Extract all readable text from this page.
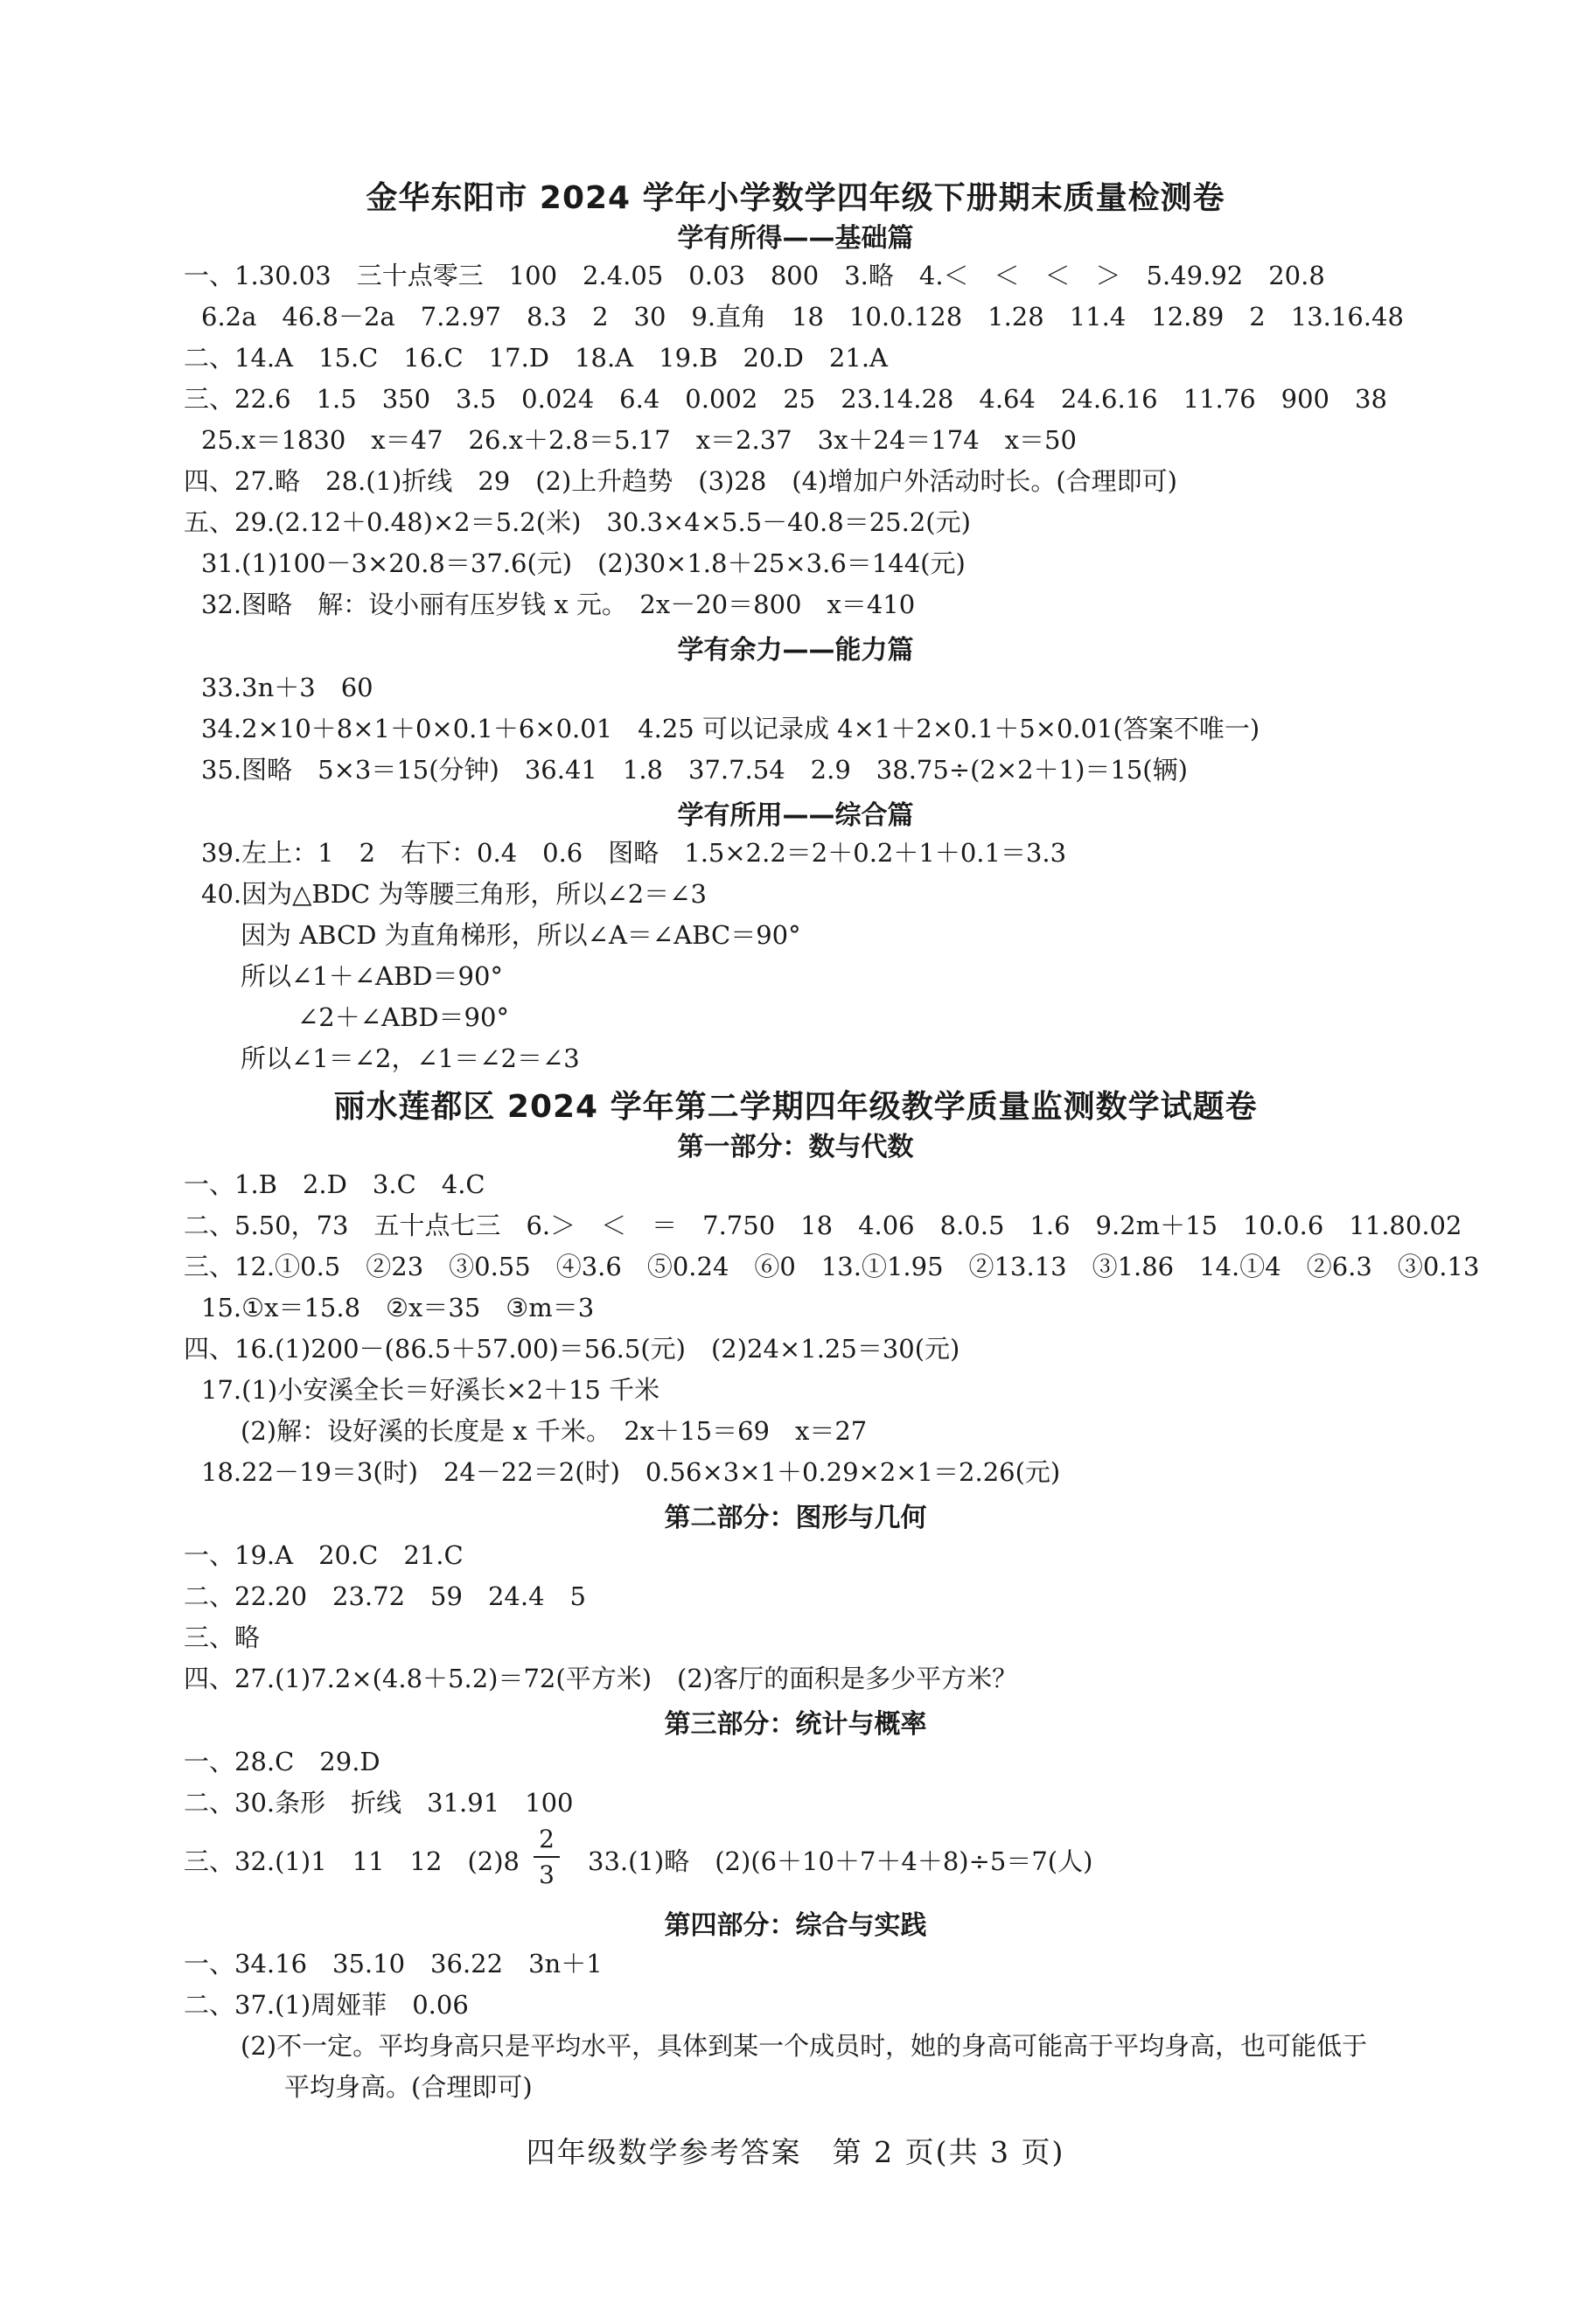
金华东阳市 2024 学年小学数学四年级下册期末质量检测卷
学有所得——基础篇
一、1.30.03　三十点零三　100　2.4.05　0.03　800　3.略　4.＜　＜　＜　＞　5.49.92　20.8
6.2a　46.8－2a　7.2.97　8.3　2　30　9.直角　18　10.0.128　1.28　11.4　12.89　2　13.16.48
二、14.A　15.C　16.C　17.D　18.A　19.B　20.D　21.A
三、22.6　1.5　350　3.5　0.024　6.4　0.002　25　23.14.28　4.64　24.6.16　11.76　900　38
25.x＝1830　x＝47　26.x＋2.8＝5.17　x＝2.37　3x＋24＝174　x＝50
四、27.略　28.(1)折线　29　(2)上升趋势　(3)28　(4)增加户外活动时长。(合理即可)
五、29.(2.12＋0.48)×2＝5.2(米)　30.3×4×5.5－40.8＝25.2(元)
31.(1)100－3×20.8＝37.6(元)　(2)30×1.8＋25×3.6＝144(元)
32.图略　解：设小丽有压岁钱 x 元。　2x－20＝800　x＝410
学有余力——能力篇
33.3n＋3　60
34.2×10＋8×1＋0×0.1＋6×0.01　4.25 可以记录成 4×1＋2×0.1＋5×0.01(答案不唯一)
35.图略　5×3＝15(分钟)　36.41　1.8　37.7.54　2.9　38.75÷(2×2＋1)＝15(辆)
学有所用——综合篇
39.左上：1　2　右下：0.4　0.6　图略　1.5×2.2＝2＋0.2＋1＋0.1＝3.3
40.因为△BDC 为等腰三角形，所以∠2＝∠3
因为 ABCD 为直角梯形，所以∠A＝∠ABC＝90°
所以∠1＋∠ABD＝90°
∠2＋∠ABD＝90°
所以∠1＝∠2，∠1＝∠2＝∠3
丽水莲都区 2024 学年第二学期四年级教学质量监测数学试题卷
第一部分：数与代数
一、1.B　2.D　3.C　4.C
二、5.50，73　五十点七三　6.＞　＜　＝　7.750　18　4.06　8.0.5　1.6　9.2m＋15　10.0.6　11.80.02
三、12.①0.5　②23　③0.55　④3.6　⑤0.24　⑥0　13.①1.95　②13.13　③1.86　14.①4　②6.3　③0.13
15.①x＝15.8　②x＝35　③m＝3
四、16.(1)200－(86.5＋57.00)＝56.5(元)　(2)24×1.25＝30(元)
17.(1)小安溪全长＝好溪长×2＋15 千米
(2)解：设好溪的长度是 x 千米。　2x＋15＝69　x＝27
18.22－19＝3(时)　24－22＝2(时)　0.56×3×1＋0.29×2×1＝2.26(元)
第二部分：图形与几何
一、19.A　20.C　21.C
二、22.20　23.72　59　24.4　5
三、略
四、27.(1)7.2×(4.8＋5.2)＝72(平方米)　(2)客厅的面积是多少平方米？
第三部分：统计与概率
一、28.C　29.D
二、30.条形　折线　31.91　100
三、32.(1)1　11　12　(2)8
2
3 33.(1)略　(2)(6＋10＋7＋4＋8)÷5＝7(人)
第四部分：综合与实践
一、34.16　35.10　36.22　3n＋1
二、37.(1)周娅菲　0.06
(2)不一定。平均身高只是平均水平，具体到某一个成员时，她的身高可能高于平均身高，也可能低于
平均身高。(合理即可)
四年级数学参考答案　第 2 页(共 3 页)
